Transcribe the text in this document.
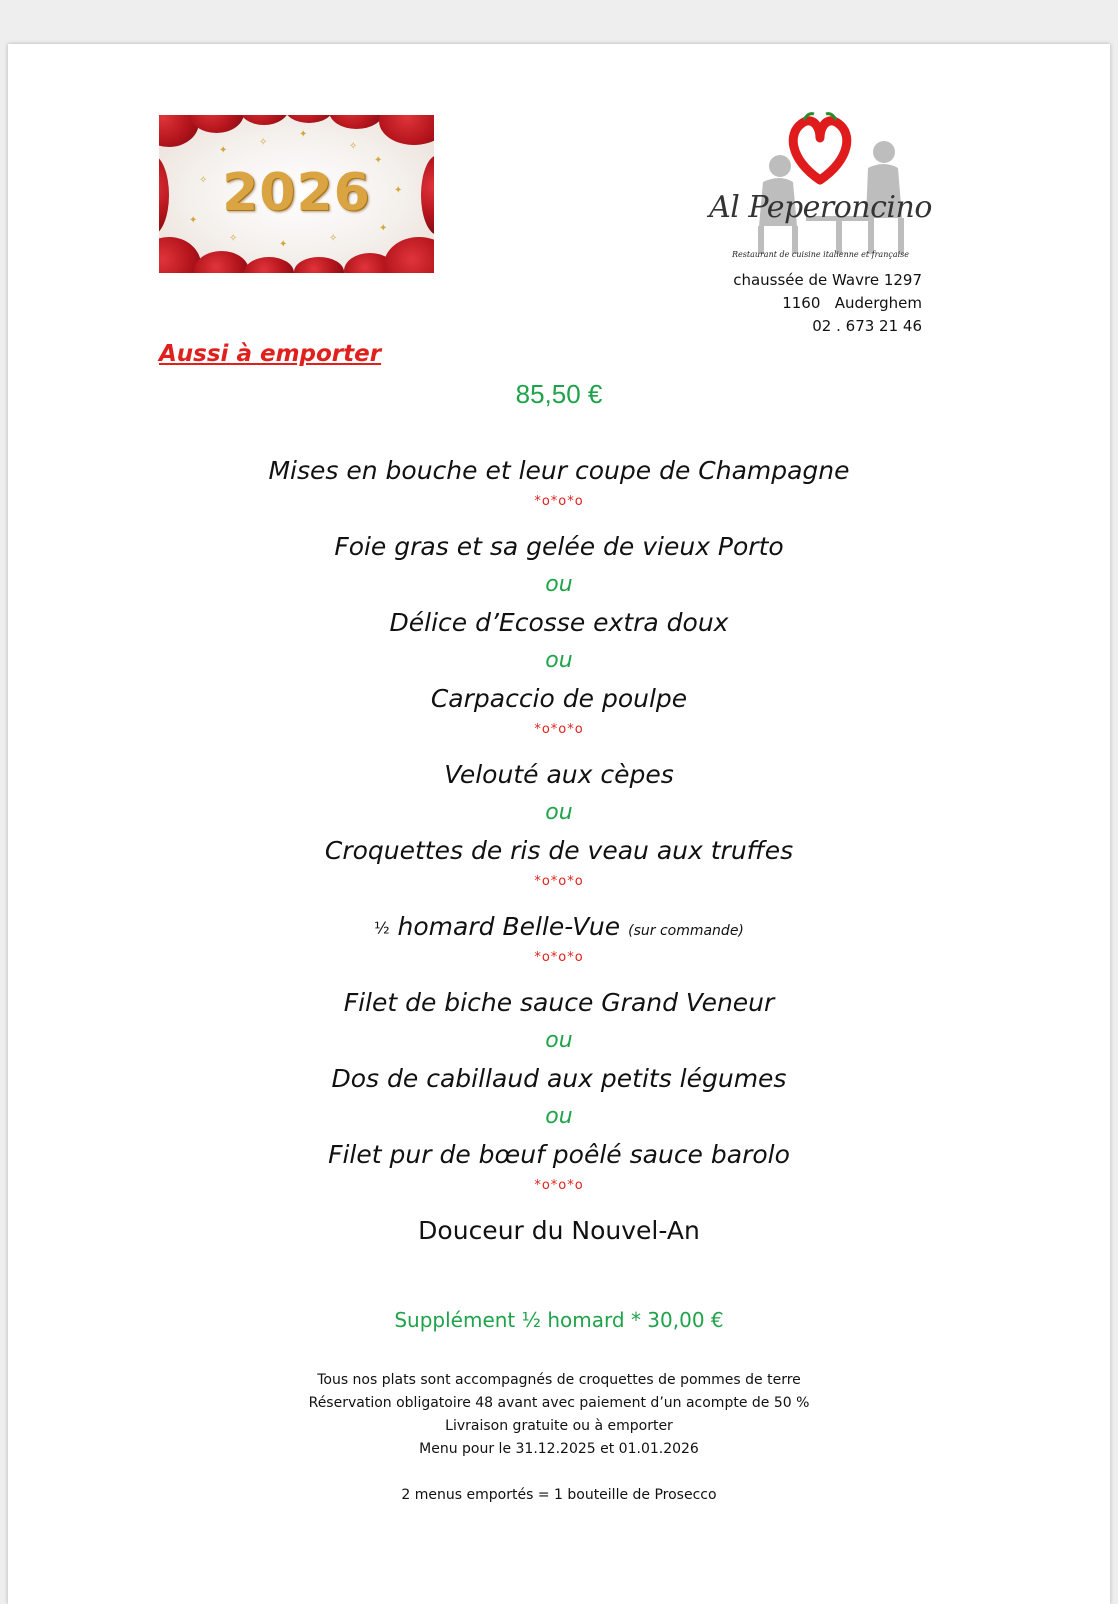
✦
✧
✦
✧
✦
✧
✦
✦
✧
✦
✧
✦
2026	Al Peperoncino
Restaurant de cuisine italienne et française
chaussée de Wavre 1297
1160   Auderghem
02 . 673 21 46
Aussi à emporter
85,50 €
Mises en bouche et leur coupe de Champagne
*o*o*o
Foie gras et sa gelée de vieux Porto
ou
Délice d’Ecosse extra doux
ou
Carpaccio de poulpe
*o*o*o
Velouté aux cèpes
ou
Croquettes de ris de veau aux truffes
*o*o*o
½ homard Belle-Vue (sur commande)
*o*o*o
Filet de biche sauce Grand Veneur
ou
Dos de cabillaud aux petits légumes
ou
Filet pur de bœuf poêlé sauce barolo
*o*o*o
Douceur du Nouvel-An
Supplément ½ homard * 30,00 €
Tous nos plats sont accompagnés de croquettes de pommes de terre
Réservation obligatoire 48 avant avec paiement d’un acompte de 50 %
Livraison gratuite ou à emporter
Menu pour le 31.12.2025 et 01.01.2026
2 menus emportés = 1 bouteille de Prosecco
